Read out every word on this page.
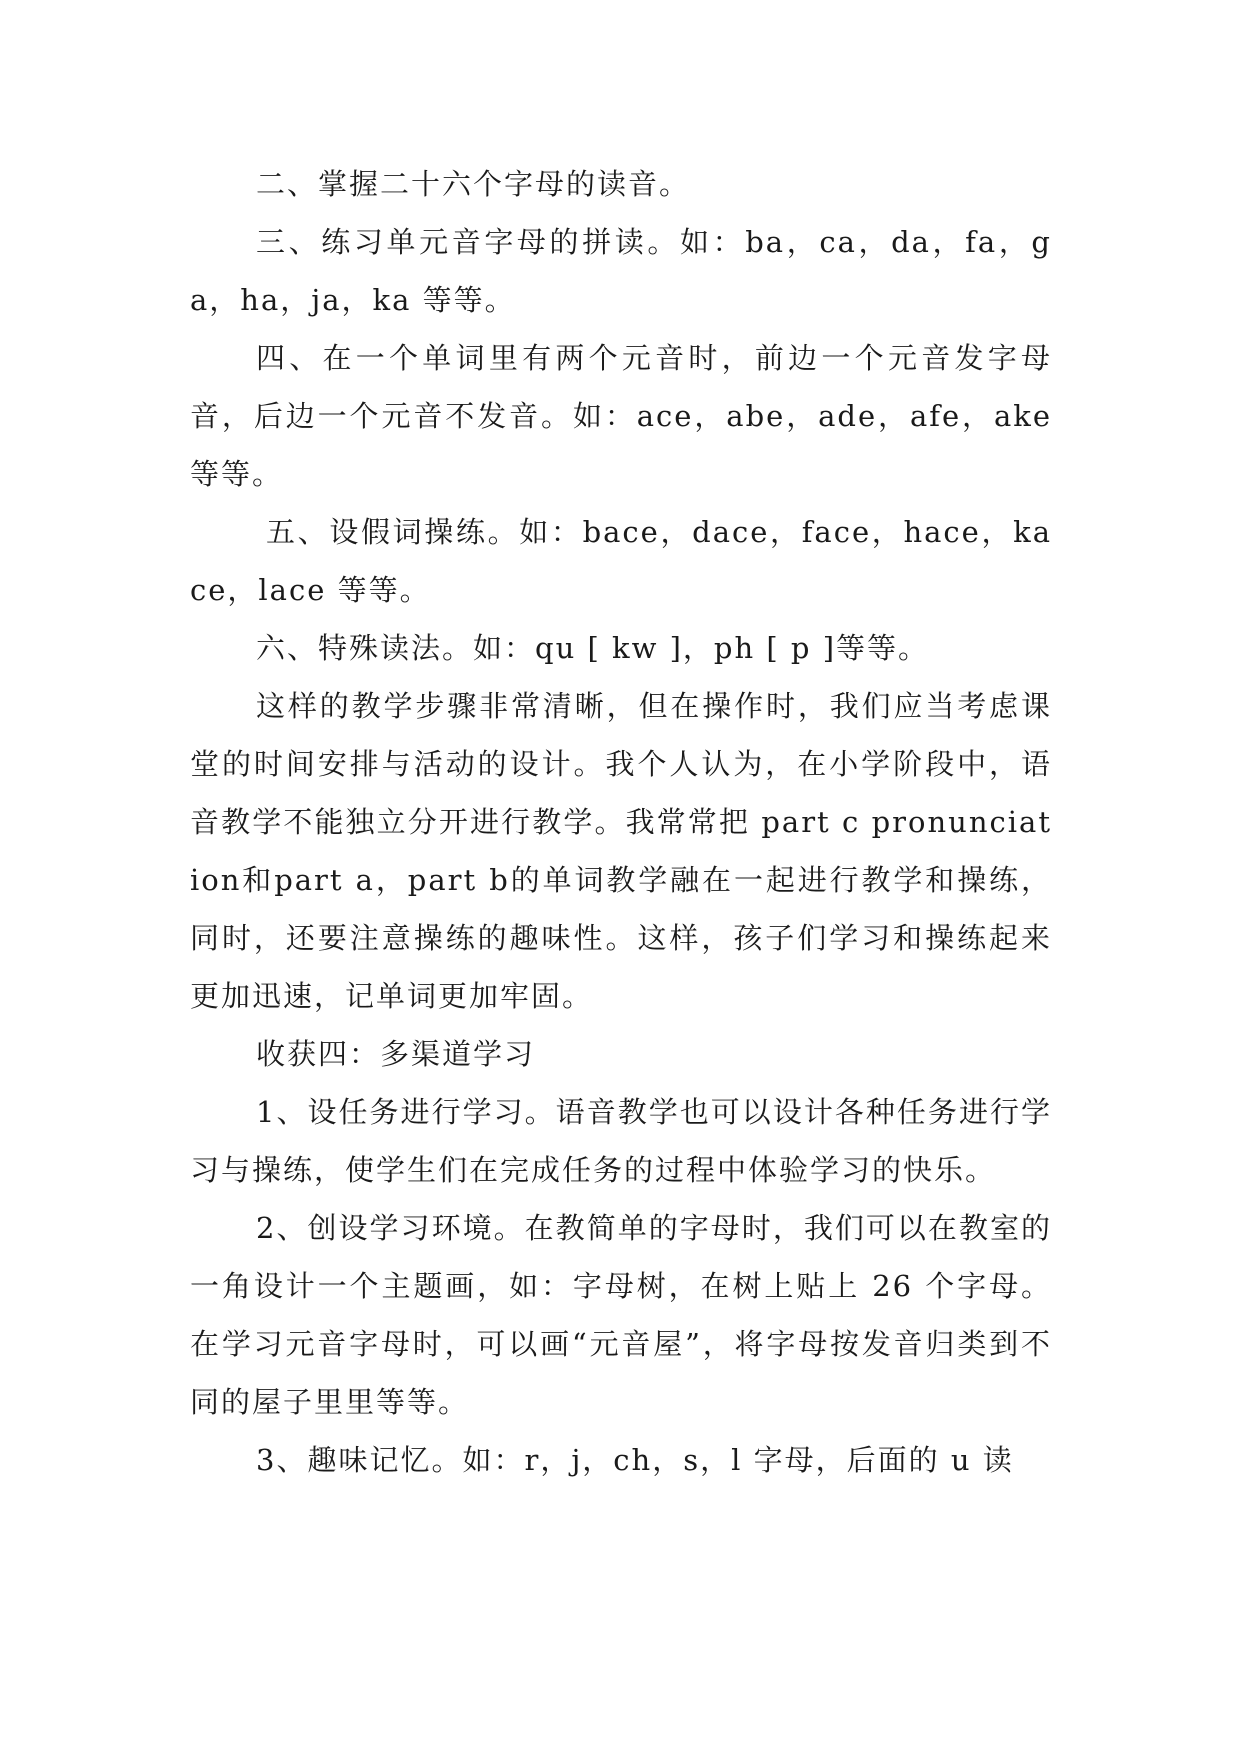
二、掌握二十六个字母的读音。

三、练习单元音字母的拼读。如：ba，ca，da，fa，ga，ha，ja，ka 等等。

四、在一个单词里有两个元音时，前边一个元音发字母音，后边一个元音不发音。如：ace，abe，ade，afe，ake 等等。

五、设假词操练。如：bace，dace，face，hace，kace，lace 等等。

六、特殊读法。如：qu [ kw ]，ph [ p ]等等。

这样的教学步骤非常清晰，但在操作时，我们应当考虑课堂的时间安排与活动的设计。我个人认为，在小学阶段中，语音教学不能独立分开进行教学。我常常把 part c pronunciation和part a，part b的单词教学融在一起进行教学和操练，同时，还要注意操练的趣味性。这样，孩子们学习和操练起来更加迅速，记单词更加牢固。

收获四：多渠道学习

1、设任务进行学习。语音教学也可以设计各种任务进行学习与操练，使学生们在完成任务的过程中体验学习的快乐。

2、创设学习环境。在教简单的字母时，我们可以在教室的一角设计一个主题画，如：字母树，在树上贴上 26 个字母。在学习元音字母时，可以画“元音屋”，将字母按发音归类到不同的屋子里里等等。

3、趣味记忆。如：r，j，ch，s，l 字母，后面的 u 读
